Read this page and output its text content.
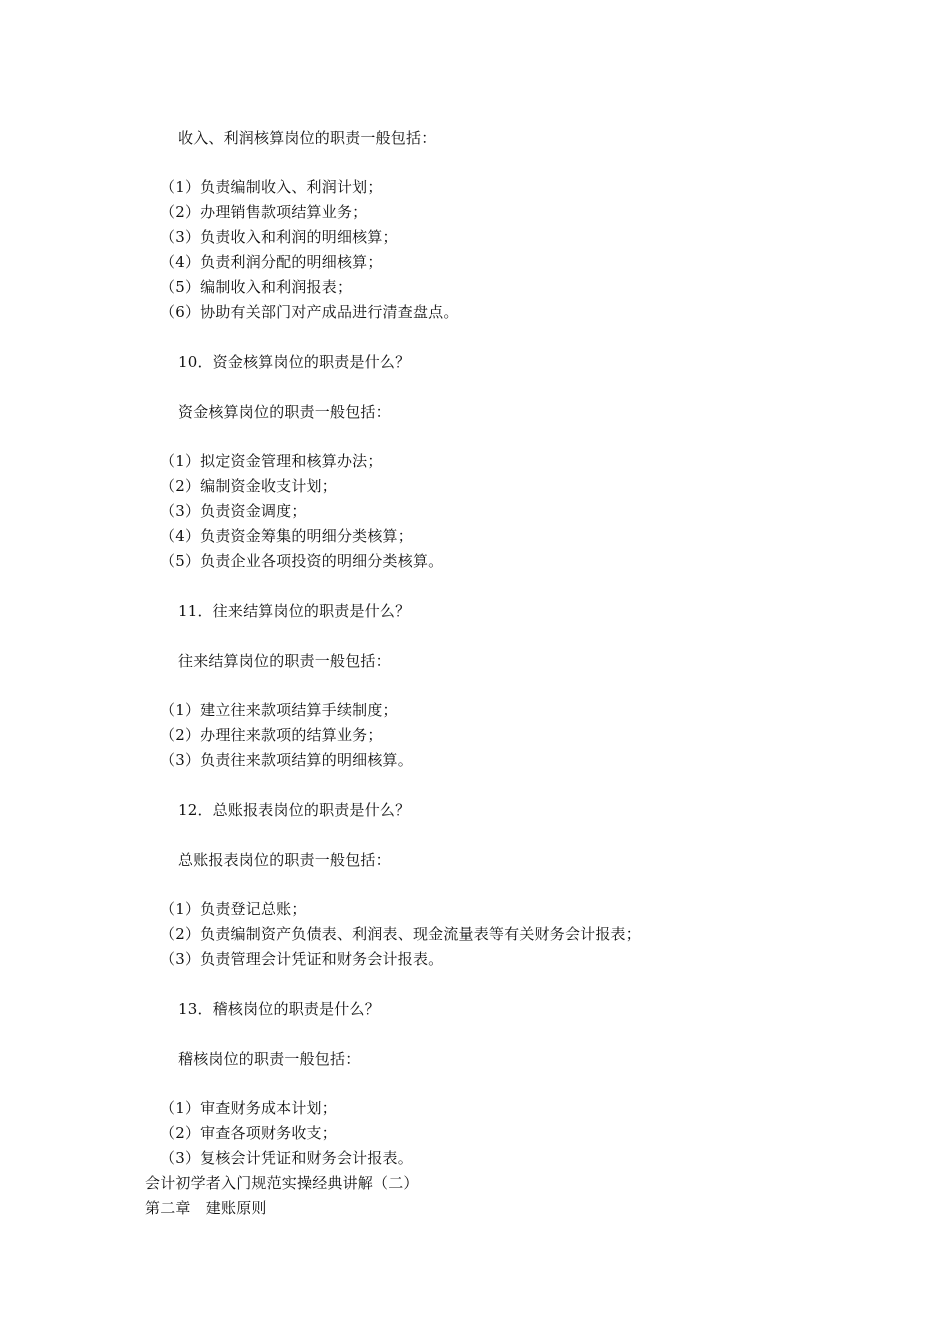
收入、利润核算岗位的职责一般包括：
（1）负责编制收入、利润计划；
（2）办理销售款项结算业务；
（3）负责收入和利润的明细核算；
（4）负责利润分配的明细核算；
（5）编制收入和利润报表；
（6）协助有关部门对产成品进行清查盘点。
10．资金核算岗位的职责是什么？
资金核算岗位的职责一般包括：
（1）拟定资金管理和核算办法；
（2）编制资金收支计划；
（3）负责资金调度；
（4）负责资金筹集的明细分类核算；
（5）负责企业各项投资的明细分类核算。
11．往来结算岗位的职责是什么？
往来结算岗位的职责一般包括：
（1）建立往来款项结算手续制度；
（2）办理往来款项的结算业务；
（3）负责往来款项结算的明细核算。
12．总账报表岗位的职责是什么？
总账报表岗位的职责一般包括：
（1）负责登记总账；
（2）负责编制资产负债表、利润表、现金流量表等有关财务会计报表；
（3）负责管理会计凭证和财务会计报表。
13．稽核岗位的职责是什么？
稽核岗位的职责一般包括：
（1）审查财务成本计划；
（2）审查各项财务收支；
（3）复核会计凭证和财务会计报表。
会计初学者入门规范实操经典讲解（二）
第二章　建账原则
